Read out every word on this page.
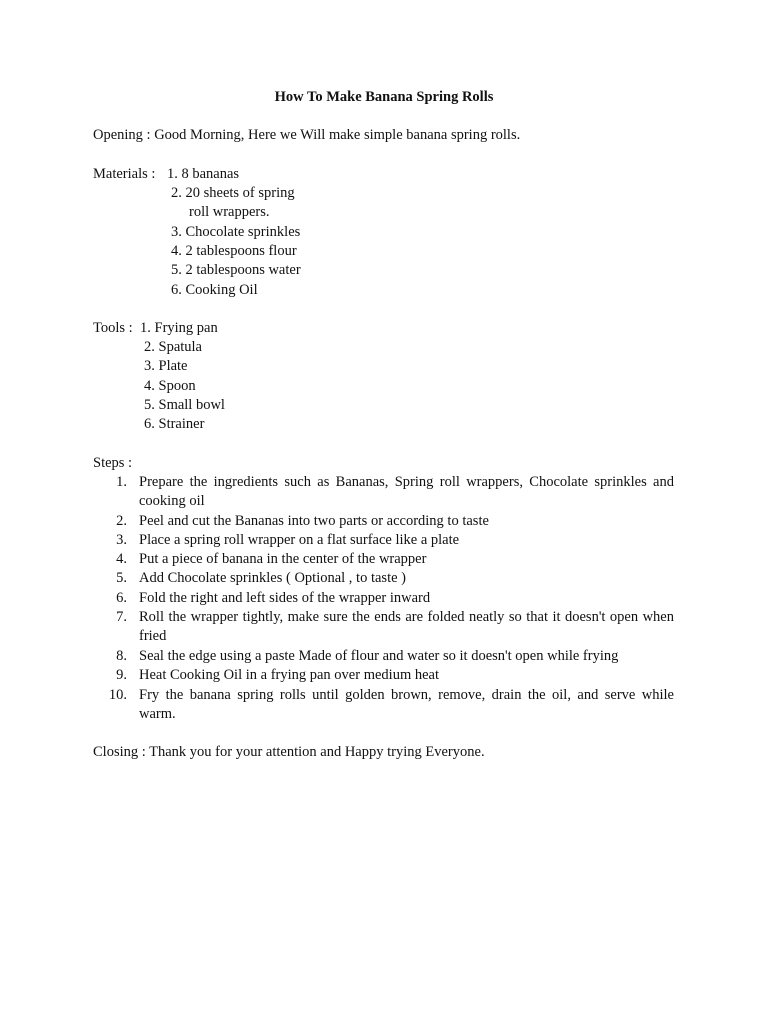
How To Make Banana Spring Rolls
Opening : Good Morning, Here we Will make simple banana spring rolls.
Materials : 1. 8 bananas
2. 20 sheets of spring
roll wrappers.
3. Chocolate sprinkles
4. 2 tablespoons flour
5. 2 tablespoons water
6. Cooking Oil
Tools : 1. Frying pan
2. Spatula
3. Plate
4. Spoon
5. Small bowl
6. Strainer
Steps :
1. Prepare the ingredients such as Bananas, Spring roll wrappers, Chocolate sprinkles and cooking oil
2. Peel and cut the Bananas into two parts or according to taste
3. Place a spring roll wrapper on a flat surface like a plate
4. Put a piece of banana in the center of the wrapper
5. Add Chocolate sprinkles ( Optional , to taste )
6. Fold the right and left sides of the wrapper inward
7. Roll the wrapper tightly, make sure the ends are folded neatly so that it doesn't open when fried
8. Seal the edge using a paste Made of flour and water so it doesn't open while frying
9. Heat Cooking Oil in a frying pan over medium heat
10. Fry the banana spring rolls until golden brown, remove, drain the oil, and serve while warm.
Closing : Thank you for your attention and Happy trying Everyone.
